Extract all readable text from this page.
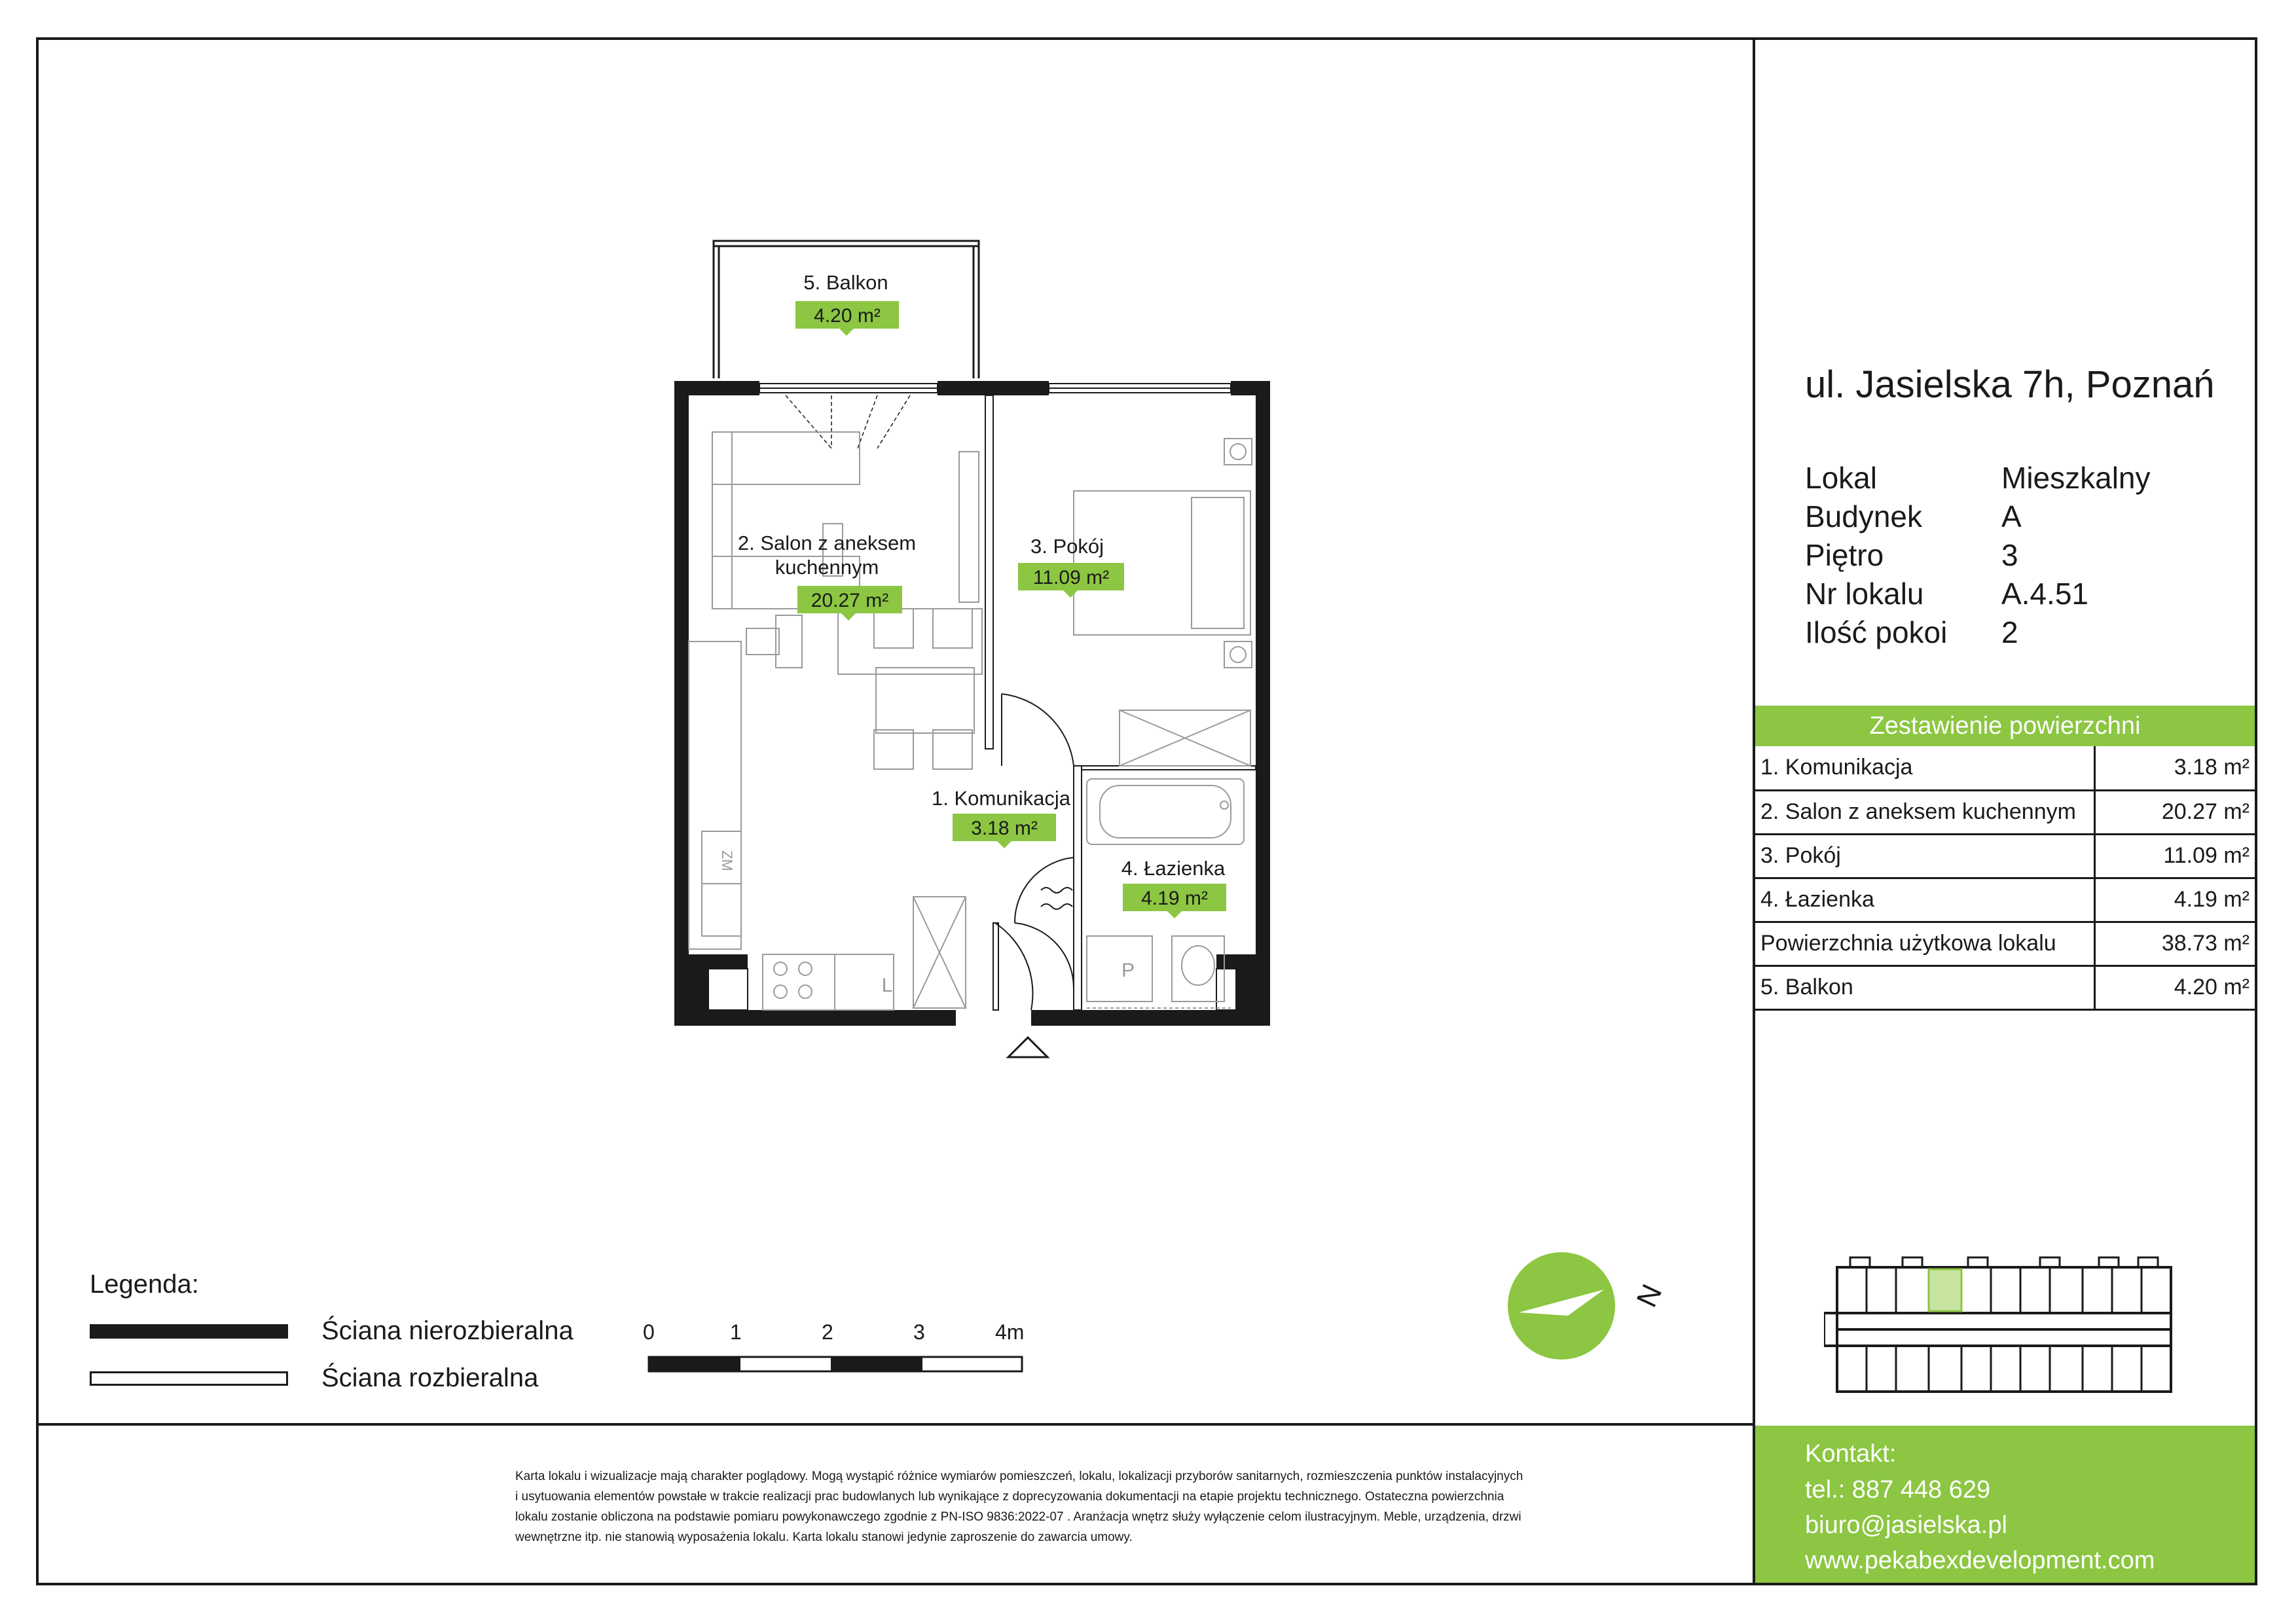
5. Balkon
4.20 m²
2. Salon z aneksem
kuchennym
20.27 m²
3. Pokój
11.09 m²
1. Komunikacja
3.18 m²
4. Łazienka
4.19 m²
ZM
L
P
N
Legenda:
Ściana nierozbieralna
Ściana rozbieralna
0	1	2	3	4m
Karta lokalu i wizualizacje mają charakter poglądowy. Mogą wystąpić różnice wymiarów pomieszczeń, lokalu, lokalizacji przyborów sanitarnych, rozmieszczenia punktów instalacyjnych
i usytuowania elementów powstałe w trakcie realizacji prac budowlanych lub wynikające z doprecyzowania dokumentacji na etapie projektu technicznego. Ostateczna powierzchnia
lokalu zostanie obliczona na podstawie pomiaru powykonawczego zgodnie z PN-ISO 9836:2022-07 . Aranżacja wnętrz służy wyłączenie celom ilustracyjnym. Meble, urządzenia, drzwi
wewnętrzne itp. nie stanowią wyposażenia lokalu. Karta lokalu stanowi jedynie zaproszenie do zawarcia umowy.
ul. Jasielska 7h, Poznań
Lokal	Mieszkalny
Budynek	A
Piętro	3
Nr lokalu	A.4.51
Ilość pokoi 2
Zestawienie powierzchni
1. Komunikacja	3.18 m²
2. Salon z aneksem kuchennym	20.27 m²
3. Pokój	11.09 m²
4. Łazienka	4.19 m²
Powierzchnia użytkowa lokalu	38.73 m²
5. Balkon	4.20 m²
Kontakt:
tel.: 887 448 629
biuro@jasielska.pl
www.pekabexdevelopment.com
